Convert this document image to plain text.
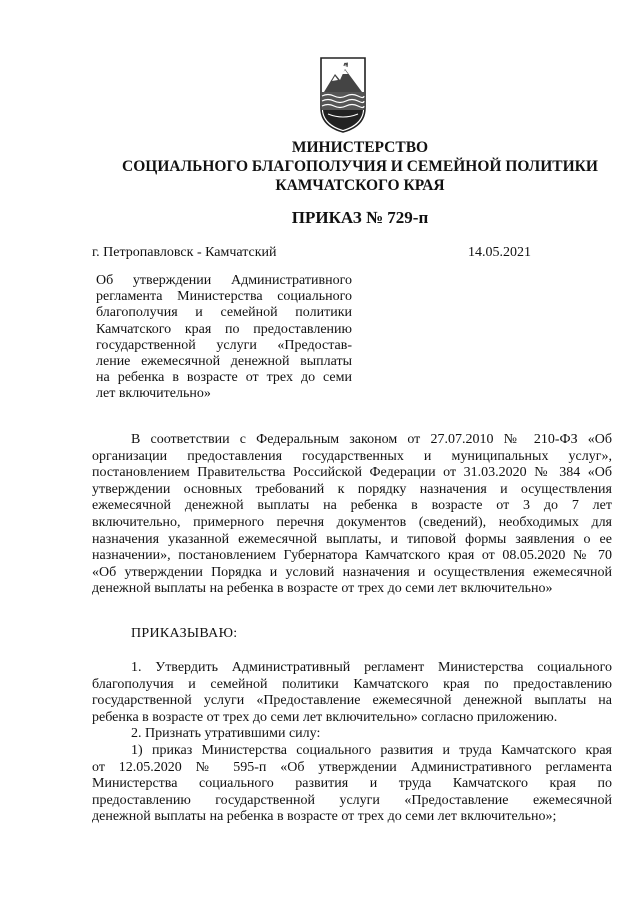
МИНИСТЕРСТВО
СОЦИАЛЬНОГО БЛАГОПОЛУЧИЯ И СЕМЕЙНОЙ ПОЛИТИКИ
КАМЧАТСКОГО КРАЯ
ПРИКАЗ № 729-п
г. Петропавловск - Камчатский	14.05.2021
Об утверждении Административного
регламента Министерства социального
благополучия и семейной политики
Камчатского края по предоставлению
государственной услуги «Предостав-
ление ежемесячной денежной выплаты
на ребенка в возрасте от трех до семи
лет включительно»
В соответствии с Федеральным законом от 27.07.2010 № 210-ФЗ «Об
организации предоставления государственных и муниципальных услуг»,
постановлением Правительства Российской Федерации от 31.03.2020 № 384 «Об
утверждении основных требований к порядку назначения и осуществления
ежемесячной денежной выплаты на ребенка в возрасте от 3 до 7 лет
включительно, примерного перечня документов (сведений), необходимых для
назначения указанной ежемесячной выплаты, и типовой формы заявления о ее
назначении», постановлением Губернатора Камчатского края от 08.05.2020 № 70
«Об утверждении Порядка и условий назначения и осуществления ежемесячной
денежной выплаты на ребенка в возрасте от трех до семи лет включительно»
ПРИКАЗЫВАЮ:
1. Утвердить Административный регламент Министерства социального
благополучия и семейной политики Камчатского края по предоставлению
государственной услуги «Предоставление ежемесячной денежной выплаты на
ребенка в возрасте от трех до семи лет включительно» согласно приложению.
2. Признать утратившими силу:
1) приказ Министерства социального развития и труда Камчатского края
от 12.05.2020 № 595-п «Об утверждении Административного регламента
Министерства социального развития и труда Камчатского края по
предоставлению государственной услуги «Предоставление ежемесячной
денежной выплаты на ребенка в возрасте от трех до семи лет включительно»;
